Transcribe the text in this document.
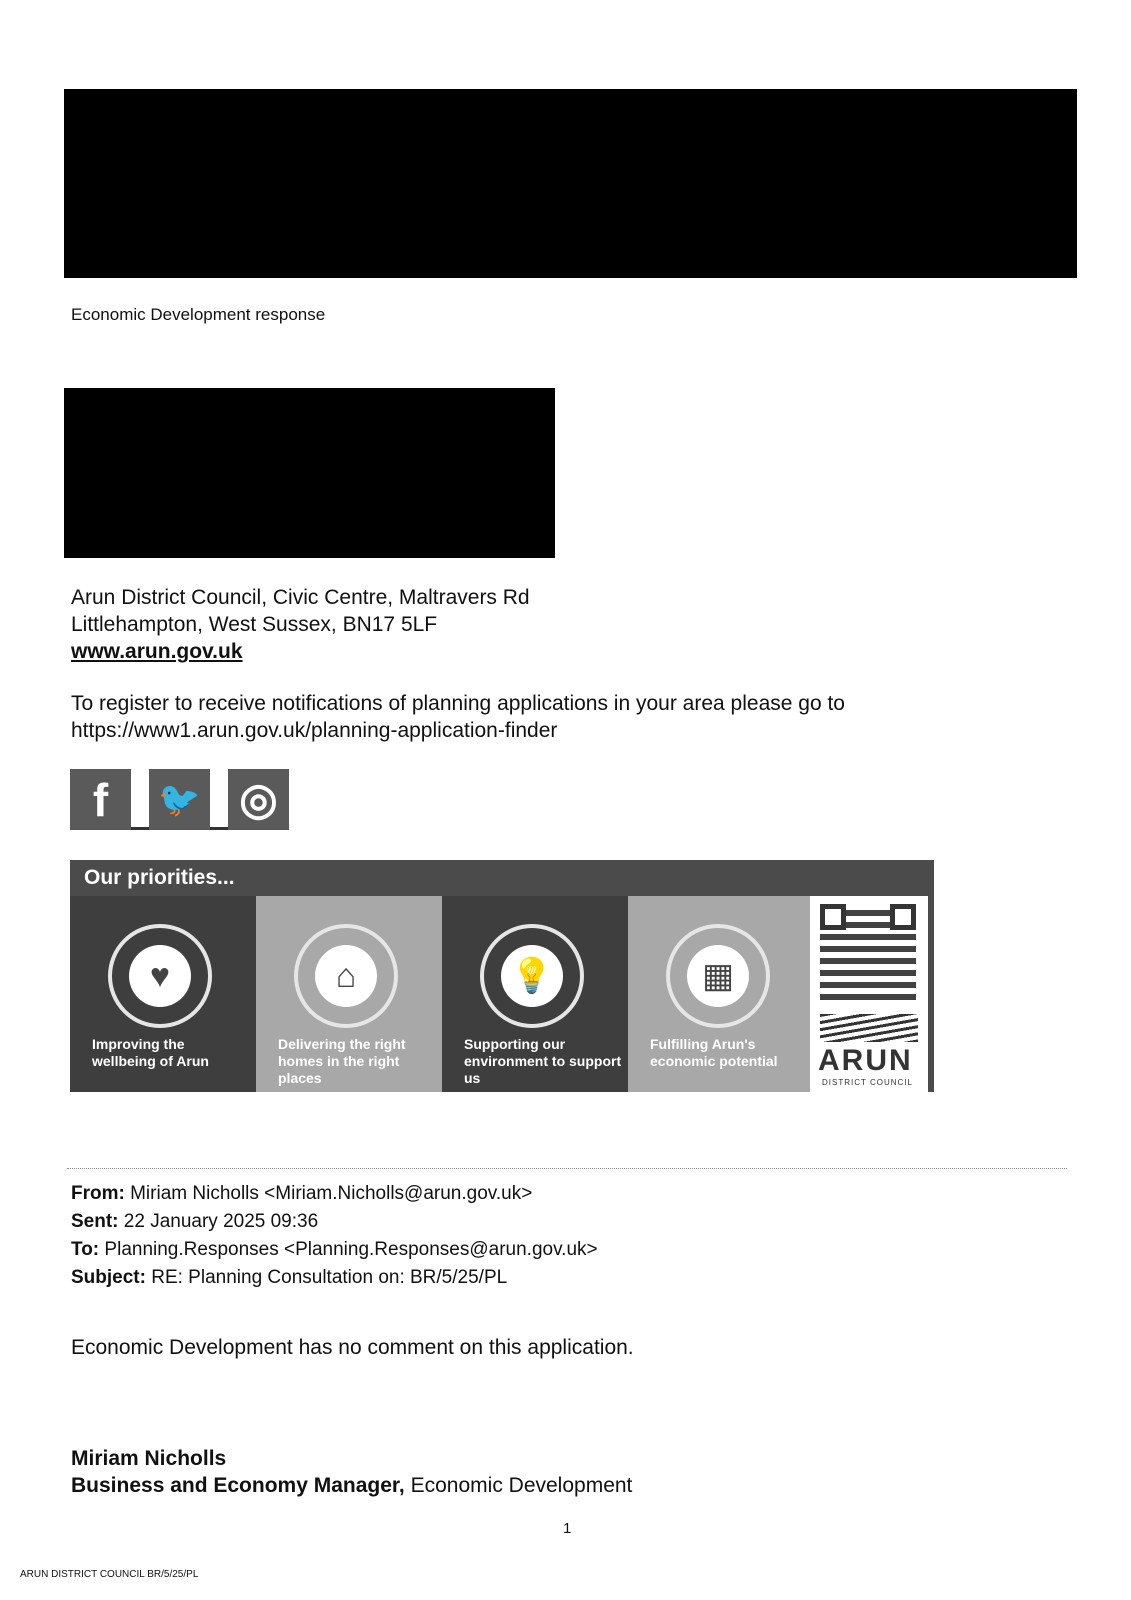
Economic Development response
Arun District Council, Civic Centre, Maltravers Rd
Littlehampton, West Sussex, BN17 5LF
www.arun.gov.uk
To register to receive notifications of planning applications in your area please go to https://www1.arun.gov.uk/planning-application-finder
f 🐦 ◎
Our priorities...
♥
Improving the wellbeing of Arun
⌂
Delivering the right homes in the right places
💡
Supporting our environment to support us
▦
Fulfilling Arun's economic potential	ARUN
DISTRICT COUNCIL
From: Miriam Nicholls <Miriam.Nicholls@arun.gov.uk>
Sent: 22 January 2025 09:36
To: Planning.Responses <Planning.Responses@arun.gov.uk>
Subject: RE: Planning Consultation on: BR/5/25/PL
Economic Development has no comment on this application.
Miriam Nicholls
Business and Economy Manager, Economic Development
1
ARUN DISTRICT COUNCIL BR/5/25/PL
